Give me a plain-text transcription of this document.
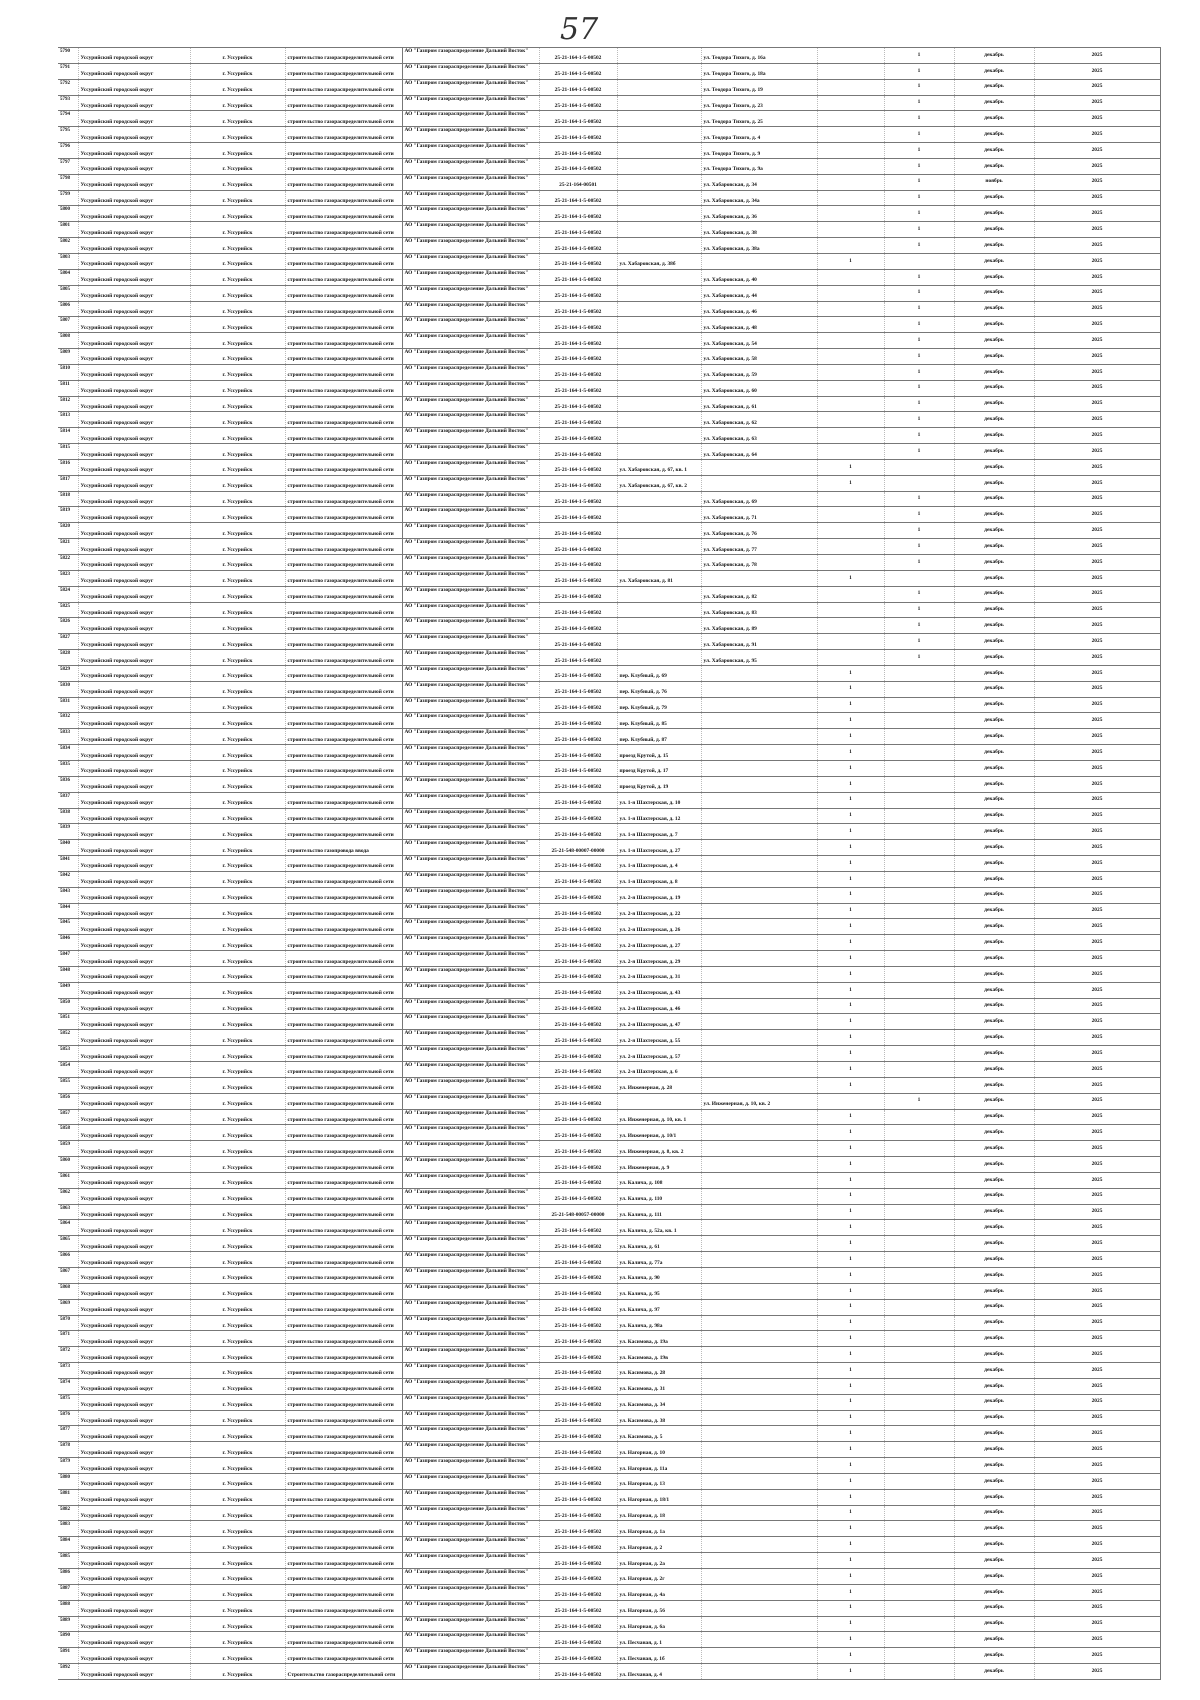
57
5790	Уссурийский городской округ	г. Уссурийск	строительство газораспределительной сети	АО "Газпром газораспределение Дальний Восток"	25-21-164-1-5-00502		ул. Теодора Тихого, д. 16а		1	декабрь	2025
5791	Уссурийский городской округ	г. Уссурийск	строительство газораспределительной сети	АО "Газпром газораспределение Дальний Восток"	25-21-164-1-5-00502		ул. Теодора Тихого, д. 18а		1	декабрь	2025
5792	Уссурийский городской округ	г. Уссурийск	строительство газораспределительной сети	АО "Газпром газораспределение Дальний Восток"	25-21-164-1-5-00502		ул. Теодора Тихого, д. 19		1	декабрь	2025
5793	Уссурийский городской округ	г. Уссурийск	строительство газораспределительной сети	АО "Газпром газораспределение Дальний Восток"	25-21-164-1-5-00502		ул. Теодора Тихого, д. 23		1	декабрь	2025
5794	Уссурийский городской округ	г. Уссурийск	строительство газораспределительной сети	АО "Газпром газораспределение Дальний Восток"	25-21-164-1-5-00502		ул. Теодора Тихого, д. 25		1	декабрь	2025
5795	Уссурийский городской округ	г. Уссурийск	строительство газораспределительной сети	АО "Газпром газораспределение Дальний Восток"	25-21-164-1-5-00502		ул. Теодора Тихого, д. 4		1	декабрь	2025
5796	Уссурийский городской округ	г. Уссурийск	строительство газораспределительной сети	АО "Газпром газораспределение Дальний Восток"	25-21-164-1-5-00502		ул. Теодора Тихого, д. 9		1	декабрь	2025
5797	Уссурийский городской округ	г. Уссурийск	строительство газораспределительной сети	АО "Газпром газораспределение Дальний Восток"	25-21-164-1-5-00502		ул. Теодора Тихого, д. 9а		1	декабрь	2025
5798	Уссурийский городской округ	г. Уссурийск	строительство газораспределительной сети	АО "Газпром газораспределение Дальний Восток"	25-21-164-00501		ул. Хабаровская, д. 34		1	ноябрь	2025
5799	Уссурийский городской округ	г. Уссурийск	строительство газораспределительной сети	АО "Газпром газораспределение Дальний Восток"	25-21-164-1-5-00502		ул. Хабаровская, д. 34а		1	декабрь	2025
5800	Уссурийский городской округ	г. Уссурийск	строительство газораспределительной сети	АО "Газпром газораспределение Дальний Восток"	25-21-164-1-5-00502		ул. Хабаровская, д. 36		1	декабрь	2025
5801	Уссурийский городской округ	г. Уссурийск	строительство газораспределительной сети	АО "Газпром газораспределение Дальний Восток"	25-21-164-1-5-00502		ул. Хабаровская, д. 38		1	декабрь	2025
5802	Уссурийский городской округ	г. Уссурийск	строительство газораспределительной сети	АО "Газпром газораспределение Дальний Восток"	25-21-164-1-5-00502		ул. Хабаровская, д. 38а		1	декабрь	2025
5803	Уссурийский городской округ	г. Уссурийск	строительство газораспределительной сети	АО "Газпром газораспределение Дальний Восток"	25-21-164-1-5-00502	ул. Хабаровская, д. 38б		1		декабрь	2025
5804	Уссурийский городской округ	г. Уссурийск	строительство газораспределительной сети	АО "Газпром газораспределение Дальний Восток"	25-21-164-1-5-00502		ул. Хабаровская, д. 40		1	декабрь	2025
5805	Уссурийский городской округ	г. Уссурийск	строительство газораспределительной сети	АО "Газпром газораспределение Дальний Восток"	25-21-164-1-5-00502		ул. Хабаровская, д. 44		1	декабрь	2025
5806	Уссурийский городской округ	г. Уссурийск	строительство газораспределительной сети	АО "Газпром газораспределение Дальний Восток"	25-21-164-1-5-00502		ул. Хабаровская, д. 46		1	декабрь	2025
5807	Уссурийский городской округ	г. Уссурийск	строительство газораспределительной сети	АО "Газпром газораспределение Дальний Восток"	25-21-164-1-5-00502		ул. Хабаровская, д. 48		1	декабрь	2025
5808	Уссурийский городской округ	г. Уссурийск	строительство газораспределительной сети	АО "Газпром газораспределение Дальний Восток"	25-21-164-1-5-00502		ул. Хабаровская, д. 54		1	декабрь	2025
5809	Уссурийский городской округ	г. Уссурийск	строительство газораспределительной сети	АО "Газпром газораспределение Дальний Восток"	25-21-164-1-5-00502		ул. Хабаровская, д. 58		1	декабрь	2025
5810	Уссурийский городской округ	г. Уссурийск	строительство газораспределительной сети	АО "Газпром газораспределение Дальний Восток"	25-21-164-1-5-00502		ул. Хабаровская, д. 59		1	декабрь	2025
5811	Уссурийский городской округ	г. Уссурийск	строительство газораспределительной сети	АО "Газпром газораспределение Дальний Восток"	25-21-164-1-5-00502		ул. Хабаровская, д. 60		1	декабрь	2025
5812	Уссурийский городской округ	г. Уссурийск	строительство газораспределительной сети	АО "Газпром газораспределение Дальний Восток"	25-21-164-1-5-00502		ул. Хабаровская, д. 61		1	декабрь	2025
5813	Уссурийский городской округ	г. Уссурийск	строительство газораспределительной сети	АО "Газпром газораспределение Дальний Восток"	25-21-164-1-5-00502		ул. Хабаровская, д. 62		1	декабрь	2025
5814	Уссурийский городской округ	г. Уссурийск	строительство газораспределительной сети	АО "Газпром газораспределение Дальний Восток"	25-21-164-1-5-00502		ул. Хабаровская, д. 63		1	декабрь	2025
5815	Уссурийский городской округ	г. Уссурийск	строительство газораспределительной сети	АО "Газпром газораспределение Дальний Восток"	25-21-164-1-5-00502		ул. Хабаровская, д. 64		1	декабрь	2025
5816	Уссурийский городской округ	г. Уссурийск	строительство газораспределительной сети	АО "Газпром газораспределение Дальний Восток"	25-21-164-1-5-00502	ул. Хабаровская, д. 67, кв. 1		1		декабрь	2025
5817	Уссурийский городской округ	г. Уссурийск	строительство газораспределительной сети	АО "Газпром газораспределение Дальний Восток"	25-21-164-1-5-00502	ул. Хабаровская, д. 67, кв. 2		1		декабрь	2025
5818	Уссурийский городской округ	г. Уссурийск	строительство газораспределительной сети	АО "Газпром газораспределение Дальний Восток"	25-21-164-1-5-00502		ул. Хабаровская, д. 69		1	декабрь	2025
5819	Уссурийский городской округ	г. Уссурийск	строительство газораспределительной сети	АО "Газпром газораспределение Дальний Восток"	25-21-164-1-5-00502		ул. Хабаровская, д. 71		1	декабрь	2025
5820	Уссурийский городской округ	г. Уссурийск	строительство газораспределительной сети	АО "Газпром газораспределение Дальний Восток"	25-21-164-1-5-00502		ул. Хабаровская, д. 76		1	декабрь	2025
5821	Уссурийский городской округ	г. Уссурийск	строительство газораспределительной сети	АО "Газпром газораспределение Дальний Восток"	25-21-164-1-5-00502		ул. Хабаровская, д. 77		1	декабрь	2025
5822	Уссурийский городской округ	г. Уссурийск	строительство газораспределительной сети	АО "Газпром газораспределение Дальний Восток"	25-21-164-1-5-00502		ул. Хабаровская, д. 78		1	декабрь	2025
5823	Уссурийский городской округ	г. Уссурийск	строительство газораспределительной сети	АО "Газпром газораспределение Дальний Восток"	25-21-164-1-5-00502	ул. Хабаровская, д. 81		1		декабрь	2025
5824	Уссурийский городской округ	г. Уссурийск	строительство газораспределительной сети	АО "Газпром газораспределение Дальний Восток"	25-21-164-1-5-00502		ул. Хабаровская, д. 82		1	декабрь	2025
5825	Уссурийский городской округ	г. Уссурийск	строительство газораспределительной сети	АО "Газпром газораспределение Дальний Восток"	25-21-164-1-5-00502		ул. Хабаровская, д. 83		1	декабрь	2025
5826	Уссурийский городской округ	г. Уссурийск	строительство газораспределительной сети	АО "Газпром газораспределение Дальний Восток"	25-21-164-1-5-00502		ул. Хабаровская, д. 89		1	декабрь	2025
5827	Уссурийский городской округ	г. Уссурийск	строительство газораспределительной сети	АО "Газпром газораспределение Дальний Восток"	25-21-164-1-5-00502		ул. Хабаровская, д. 91		1	декабрь	2025
5828	Уссурийский городской округ	г. Уссурийск	строительство газораспределительной сети	АО "Газпром газораспределение Дальний Восток"	25-21-164-1-5-00502		ул. Хабаровская, д. 95		1	декабрь	2025
5829	Уссурийский городской округ	г. Уссурийск	строительство газораспределительной сети	АО "Газпром газораспределение Дальний Восток"	25-21-164-1-5-00502	пер. Клубный, д. 69		1		декабрь	2025
5830	Уссурийский городской округ	г. Уссурийск	строительство газораспределительной сети	АО "Газпром газораспределение Дальний Восток"	25-21-164-1-5-00502	пер. Клубный, д. 76		1		декабрь	2025
5831	Уссурийский городской округ	г. Уссурийск	строительство газораспределительной сети	АО "Газпром газораспределение Дальний Восток"	25-21-164-1-5-00502	пер. Клубный, д. 79		1		декабрь	2025
5832	Уссурийский городской округ	г. Уссурийск	строительство газораспределительной сети	АО "Газпром газораспределение Дальний Восток"	25-21-164-1-5-00502	пер. Клубный, д. 85		1		декабрь	2025
5833	Уссурийский городской округ	г. Уссурийск	строительство газораспределительной сети	АО "Газпром газораспределение Дальний Восток"	25-21-164-1-5-00502	пер. Клубный, д. 87		1		декабрь	2025
5834	Уссурийский городской округ	г. Уссурийск	строительство газораспределительной сети	АО "Газпром газораспределение Дальний Восток"	25-21-164-1-5-00502	проезд Крутой, д. 15		1		декабрь	2025
5835	Уссурийский городской округ	г. Уссурийск	строительство газораспределительной сети	АО "Газпром газораспределение Дальний Восток"	25-21-164-1-5-00502	проезд Крутой, д. 17		1		декабрь	2025
5836	Уссурийский городской округ	г. Уссурийск	строительство газораспределительной сети	АО "Газпром газораспределение Дальний Восток"	25-21-164-1-5-00502	проезд Крутой, д. 19		1		декабрь	2025
5837	Уссурийский городской округ	г. Уссурийск	строительство газораспределительной сети	АО "Газпром газораспределение Дальний Восток"	25-21-164-1-5-00502	ул. 1-я Шахтерская, д. 10		1		декабрь	2025
5838	Уссурийский городской округ	г. Уссурийск	строительство газораспределительной сети	АО "Газпром газораспределение Дальний Восток"	25-21-164-1-5-00502	ул. 1-я Шахтерская, д. 12		1		декабрь	2025
5839	Уссурийский городской округ	г. Уссурийск	строительство газораспределительной сети	АО "Газпром газораспределение Дальний Восток"	25-21-164-1-5-00502	ул. 1-я Шахтерская, д. 7		1		декабрь	2025
5840	Уссурийский городской округ	г. Уссурийск	строительство газопровода ввода	АО "Газпром газораспределение Дальний Восток"	25-21-548-00007-00000	ул. 1-я Шахтерская, д. 27		1		декабрь	2025
5841	Уссурийский городской округ	г. Уссурийск	строительство газораспределительной сети	АО "Газпром газораспределение Дальний Восток"	25-21-164-1-5-00502	ул. 1-я Шахтерская, д. 4		1		декабрь	2025
5842	Уссурийский городской округ	г. Уссурийск	строительство газораспределительной сети	АО "Газпром газораспределение Дальний Восток"	25-21-164-1-5-00502	ул. 1-я Шахтерская, д. 8		1		декабрь	2025
5843	Уссурийский городской округ	г. Уссурийск	строительство газораспределительной сети	АО "Газпром газораспределение Дальний Восток"	25-21-164-1-5-00502	ул. 2-я Шахтерская, д. 19		1		декабрь	2025
5844	Уссурийский городской округ	г. Уссурийск	строительство газораспределительной сети	АО "Газпром газораспределение Дальний Восток"	25-21-164-1-5-00502	ул. 2-я Шахтерская, д. 22		1		декабрь	2025
5845	Уссурийский городской округ	г. Уссурийск	строительство газораспределительной сети	АО "Газпром газораспределение Дальний Восток"	25-21-164-1-5-00502	ул. 2-я Шахтерская, д. 26		1		декабрь	2025
5846	Уссурийский городской округ	г. Уссурийск	строительство газораспределительной сети	АО "Газпром газораспределение Дальний Восток"	25-21-164-1-5-00502	ул. 2-я Шахтерская, д. 27		1		декабрь	2025
5847	Уссурийский городской округ	г. Уссурийск	строительство газораспределительной сети	АО "Газпром газораспределение Дальний Восток"	25-21-164-1-5-00502	ул. 2-я Шахтерская, д. 29		1		декабрь	2025
5848	Уссурийский городской округ	г. Уссурийск	строительство газораспределительной сети	АО "Газпром газораспределение Дальний Восток"	25-21-164-1-5-00502	ул. 2-я Шахтерская, д. 31		1		декабрь	2025
5849	Уссурийский городской округ	г. Уссурийск	строительство газораспределительной сети	АО "Газпром газораспределение Дальний Восток"	25-21-164-1-5-00502	ул. 2-я Шахтерская, д. 43		1		декабрь	2025
5850	Уссурийский городской округ	г. Уссурийск	строительство газораспределительной сети	АО "Газпром газораспределение Дальний Восток"	25-21-164-1-5-00502	ул. 2-я Шахтерская, д. 46		1		декабрь	2025
5851	Уссурийский городской округ	г. Уссурийск	строительство газораспределительной сети	АО "Газпром газораспределение Дальний Восток"	25-21-164-1-5-00502	ул. 2-я Шахтерская, д. 47		1		декабрь	2025
5852	Уссурийский городской округ	г. Уссурийск	строительство газораспределительной сети	АО "Газпром газораспределение Дальний Восток"	25-21-164-1-5-00502	ул. 2-я Шахтерская, д. 55		1		декабрь	2025
5853	Уссурийский городской округ	г. Уссурийск	строительство газораспределительной сети	АО "Газпром газораспределение Дальний Восток"	25-21-164-1-5-00502	ул. 2-я Шахтерская, д. 57		1		декабрь	2025
5854	Уссурийский городской округ	г. Уссурийск	строительство газораспределительной сети	АО "Газпром газораспределение Дальний Восток"	25-21-164-1-5-00502	ул. 2-я Шахтерская, д. 6		1		декабрь	2025
5855	Уссурийский городской округ	г. Уссурийск	строительство газораспределительной сети	АО "Газпром газораспределение Дальний Восток"	25-21-164-1-5-00502	ул. Инженерная, д. 28		1		декабрь	2025
5856	Уссурийский городской округ	г. Уссурийск	строительство газораспределительной сети	АО "Газпром газораспределение Дальний Восток"	25-21-164-1-5-00502		ул. Инженерная, д. 10, кв. 2		1	декабрь	2025
5857	Уссурийский городской округ	г. Уссурийск	строительство газораспределительной сети	АО "Газпром газораспределение Дальний Восток"	25-21-164-1-5-00502	ул. Инженерная, д. 10, кв. 1		1		декабрь	2025
5858	Уссурийский городской округ	г. Уссурийск	строительство газораспределительной сети	АО "Газпром газораспределение Дальний Восток"	25-21-164-1-5-00502	ул. Инженерная, д. 10/1		1		декабрь	2025
5859	Уссурийский городской округ	г. Уссурийск	строительство газораспределительной сети	АО "Газпром газораспределение Дальний Восток"	25-21-164-1-5-00502	ул. Инженерная, д. 8, кв. 2		1		декабрь	2025
5860	Уссурийский городской округ	г. Уссурийск	строительство газораспределительной сети	АО "Газпром газораспределение Дальний Восток"	25-21-164-1-5-00502	ул. Инженерная, д. 9		1		декабрь	2025
5861	Уссурийский городской округ	г. Уссурийск	строительство газораспределительной сети	АО "Газпром газораспределение Дальний Восток"	25-21-164-1-5-00502	ул. Калича, д. 108		1		декабрь	2025
5862	Уссурийский городской округ	г. Уссурийск	строительство газораспределительной сети	АО "Газпром газораспределение Дальний Восток"	25-21-164-1-5-00502	ул. Калича, д. 110		1		декабрь	2025
5863	Уссурийский городской округ	г. Уссурийск	строительство газораспределительной сети	АО "Газпром газораспределение Дальний Восток"	25-21-548-00057-00000	ул. Калича, д. 111		1		декабрь	2025
5864	Уссурийский городской округ	г. Уссурийск	строительство газораспределительной сети	АО "Газпром газораспределение Дальний Восток"	25-21-164-1-5-00502	ул. Калича, д. 52а, кв. 1		1		декабрь	2025
5865	Уссурийский городской округ	г. Уссурийск	строительство газораспределительной сети	АО "Газпром газораспределение Дальний Восток"	25-21-164-1-5-00502	ул. Калича, д. 61		1		декабрь	2025
5866	Уссурийский городской округ	г. Уссурийск	строительство газораспределительной сети	АО "Газпром газораспределение Дальний Восток"	25-21-164-1-5-00502	ул. Калича, д. 77а		1		декабрь	2025
5867	Уссурийский городской округ	г. Уссурийск	строительство газораспределительной сети	АО "Газпром газораспределение Дальний Восток"	25-21-164-1-5-00502	ул. Калича, д. 90		1		декабрь	2025
5868	Уссурийский городской округ	г. Уссурийск	строительство газораспределительной сети	АО "Газпром газораспределение Дальний Восток"	25-21-164-1-5-00502	ул. Калича, д. 95		1		декабрь	2025
5869	Уссурийский городской округ	г. Уссурийск	строительство газораспределительной сети	АО "Газпром газораспределение Дальний Восток"	25-21-164-1-5-00502	ул. Калича, д. 97		1		декабрь	2025
5870	Уссурийский городской округ	г. Уссурийск	строительство газораспределительной сети	АО "Газпром газораспределение Дальний Восток"	25-21-164-1-5-00502	ул. Калича, д. 98а		1		декабрь	2025
5871	Уссурийский городской округ	г. Уссурийск	строительство газораспределительной сети	АО "Газпром газораспределение Дальний Восток"	25-21-164-1-5-00502	ул. Касимова, д. 19а		1		декабрь	2025
5872	Уссурийский городской округ	г. Уссурийск	строительство газораспределительной сети	АО "Газпром газораспределение Дальний Восток"	25-21-164-1-5-00502	ул. Касимова, д. 19в		1		декабрь	2025
5873	Уссурийский городской округ	г. Уссурийск	строительство газораспределительной сети	АО "Газпром газораспределение Дальний Восток"	25-21-164-1-5-00502	ул. Касимова, д. 28		1		декабрь	2025
5874	Уссурийский городской округ	г. Уссурийск	строительство газораспределительной сети	АО "Газпром газораспределение Дальний Восток"	25-21-164-1-5-00502	ул. Касимова, д. 31		1		декабрь	2025
5875	Уссурийский городской округ	г. Уссурийск	строительство газораспределительной сети	АО "Газпром газораспределение Дальний Восток"	25-21-164-1-5-00502	ул. Касимова, д. 34		1		декабрь	2025
5876	Уссурийский городской округ	г. Уссурийск	строительство газораспределительной сети	АО "Газпром газораспределение Дальний Восток"	25-21-164-1-5-00502	ул. Касимова, д. 38		1		декабрь	2025
5877	Уссурийский городской округ	г. Уссурийск	строительство газораспределительной сети	АО "Газпром газораспределение Дальний Восток"	25-21-164-1-5-00502	ул. Касимова, д. 5		1		декабрь	2025
5878	Уссурийский городской округ	г. Уссурийск	строительство газораспределительной сети	АО "Газпром газораспределение Дальний Восток"	25-21-164-1-5-00502	ул. Нагорная, д. 10		1		декабрь	2025
5879	Уссурийский городской округ	г. Уссурийск	строительство газораспределительной сети	АО "Газпром газораспределение Дальний Восток"	25-21-164-1-5-00502	ул. Нагорная, д. 11а		1		декабрь	2025
5880	Уссурийский городской округ	г. Уссурийск	строительство газораспределительной сети	АО "Газпром газораспределение Дальний Восток"	25-21-164-1-5-00502	ул. Нагорная, д. 13		1		декабрь	2025
5881	Уссурийский городской округ	г. Уссурийск	строительство газораспределительной сети	АО "Газпром газораспределение Дальний Восток"	25-21-164-1-5-00502	ул. Нагорная, д. 18/1		1		декабрь	2025
5882	Уссурийский городской округ	г. Уссурийск	строительство газораспределительной сети	АО "Газпром газораспределение Дальний Восток"	25-21-164-1-5-00502	ул. Нагорная, д. 18		1		декабрь	2025
5883	Уссурийский городской округ	г. Уссурийск	строительство газораспределительной сети	АО "Газпром газораспределение Дальний Восток"	25-21-164-1-5-00502	ул. Нагорная, д. 1а		1		декабрь	2025
5884	Уссурийский городской округ	г. Уссурийск	строительство газораспределительной сети	АО "Газпром газораспределение Дальний Восток"	25-21-164-1-5-00502	ул. Нагорная, д. 2		1		декабрь	2025
5885	Уссурийский городской округ	г. Уссурийск	строительство газораспределительной сети	АО "Газпром газораспределение Дальний Восток"	25-21-164-1-5-00502	ул. Нагорная, д. 2а		1		декабрь	2025
5886	Уссурийский городской округ	г. Уссурийск	строительство газораспределительной сети	АО "Газпром газораспределение Дальний Восток"	25-21-164-1-5-00502	ул. Нагорная, д. 2г		1		декабрь	2025
5887	Уссурийский городской округ	г. Уссурийск	строительство газораспределительной сети	АО "Газпром газораспределение Дальний Восток"	25-21-164-1-5-00502	ул. Нагорная, д. 4а		1		декабрь	2025
5888	Уссурийский городской округ	г. Уссурийск	строительство газораспределительной сети	АО "Газпром газораспределение Дальний Восток"	25-21-164-1-5-00502	ул. Нагорная, д. 56		1		декабрь	2025
5889	Уссурийский городской округ	г. Уссурийск	строительство газораспределительной сети	АО "Газпром газораспределение Дальний Восток"	25-21-164-1-5-00502	ул. Нагорная, д. 6а		1		декабрь	2025
5890	Уссурийский городской округ	г. Уссурийск	строительство газораспределительной сети	АО "Газпром газораспределение Дальний Восток"	25-21-164-1-5-00502	ул. Песчаная, д. 1		1		декабрь	2025
5891	Уссурийский городской округ	г. Уссурийск	строительство газораспределительной сети	АО "Газпром газораспределение Дальний Восток"	25-21-164-1-5-00502	ул. Песчаная, д. 1б		1		декабрь	2025
5892	Уссурийский городской округ	г. Уссурийск	Строительство газораспределительной сети	АО "Газпром газораспределение Дальний Восток"	25-21-164-1-5-00502	ул. Песчаная, д. 4		1		декабрь	2025
